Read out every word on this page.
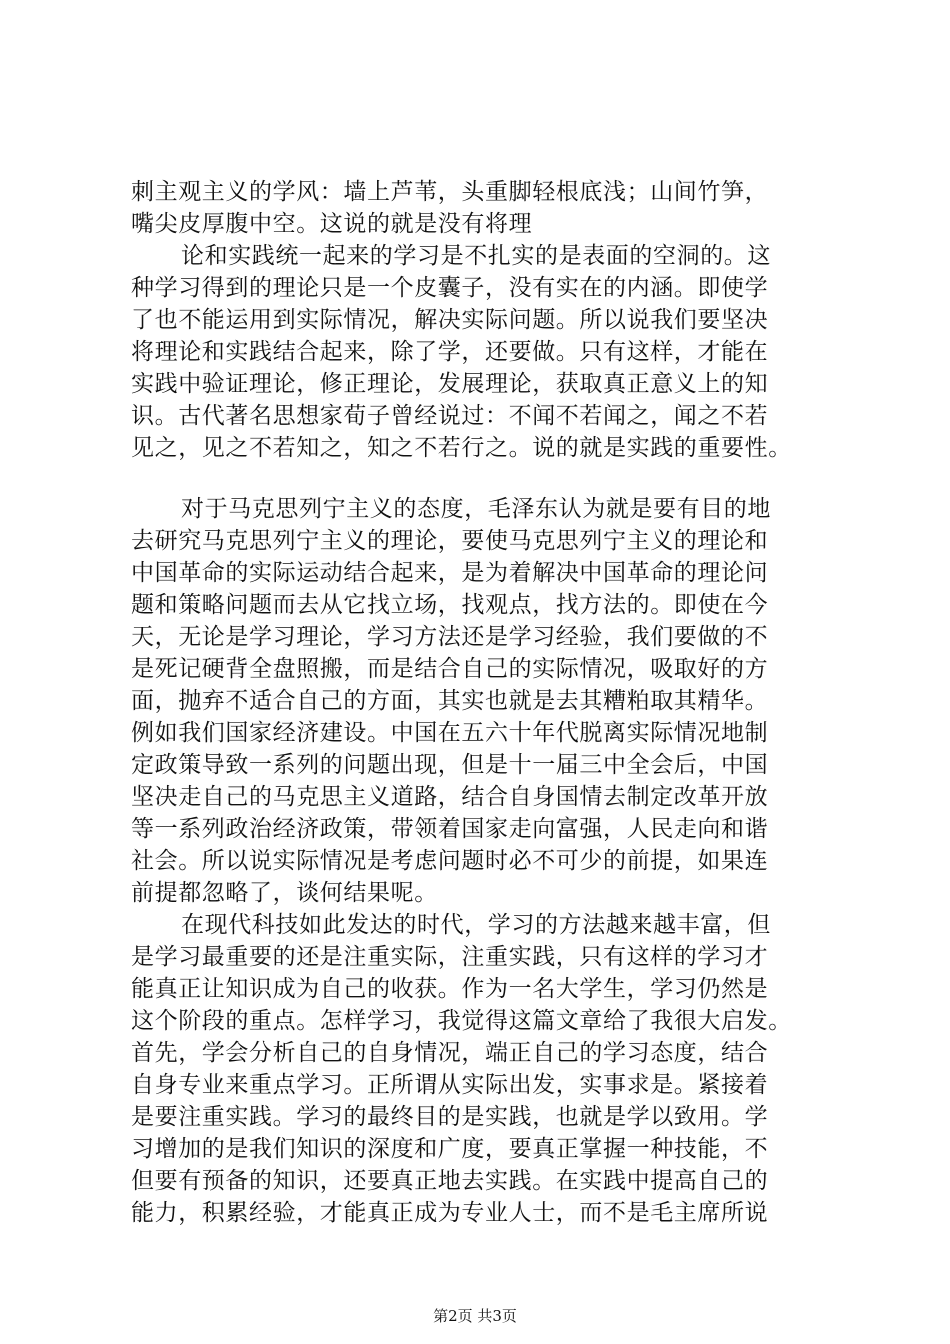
刺主观主义的学风：墙上芦苇，头重脚轻根底浅；山间竹笋，
嘴尖皮厚腹中空。这说的就是没有将理
论和实践统一起来的学习是不扎实的是表面的空洞的。这
种学习得到的理论只是一个皮囊子，没有实在的内涵。即使学
了也不能运用到实际情况，解决实际问题。所以说我们要坚决
将理论和实践结合起来，除了学，还要做。只有这样，才能在
实践中验证理论，修正理论，发展理论，获取真正意义上的知
识。古代著名思想家荀子曾经说过：不闻不若闻之，闻之不若
见之，见之不若知之，知之不若行之。说的就是实践的重要性。
对于马克思列宁主义的态度，毛泽东认为就是要有目的地
去研究马克思列宁主义的理论，要使马克思列宁主义的理论和
中国革命的实际运动结合起来，是为着解决中国革命的理论问
题和策略问题而去从它找立场，找观点，找方法的。即使在今
天，无论是学习理论，学习方法还是学习经验，我们要做的不
是死记硬背全盘照搬，而是结合自己的实际情况，吸取好的方
面，抛弃不适合自己的方面，其实也就是去其糟粕取其精华。
例如我们国家经济建设。中国在五六十年代脱离实际情况地制
定政策导致一系列的问题出现，但是十一届三中全会后，中国
坚决走自己的马克思主义道路，结合自身国情去制定改革开放
等一系列政治经济政策，带领着国家走向富强，人民走向和谐
社会。所以说实际情况是考虑问题时必不可少的前提，如果连
前提都忽略了，谈何结果呢。
在现代科技如此发达的时代，学习的方法越来越丰富，但
是学习最重要的还是注重实际，注重实践，只有这样的学习才
能真正让知识成为自己的收获。作为一名大学生，学习仍然是
这个阶段的重点。怎样学习，我觉得这篇文章给了我很大启发。
首先，学会分析自己的自身情况，端正自己的学习态度，结合
自身专业来重点学习。正所谓从实际出发，实事求是。紧接着
是要注重实践。学习的最终目的是实践，也就是学以致用。学
习增加的是我们知识的深度和广度，要真正掌握一种技能，不
但要有预备的知识，还要真正地去实践。在实践中提高自己的
能力，积累经验，才能真正成为专业人士，而不是毛主席所说
第2页 共3页
